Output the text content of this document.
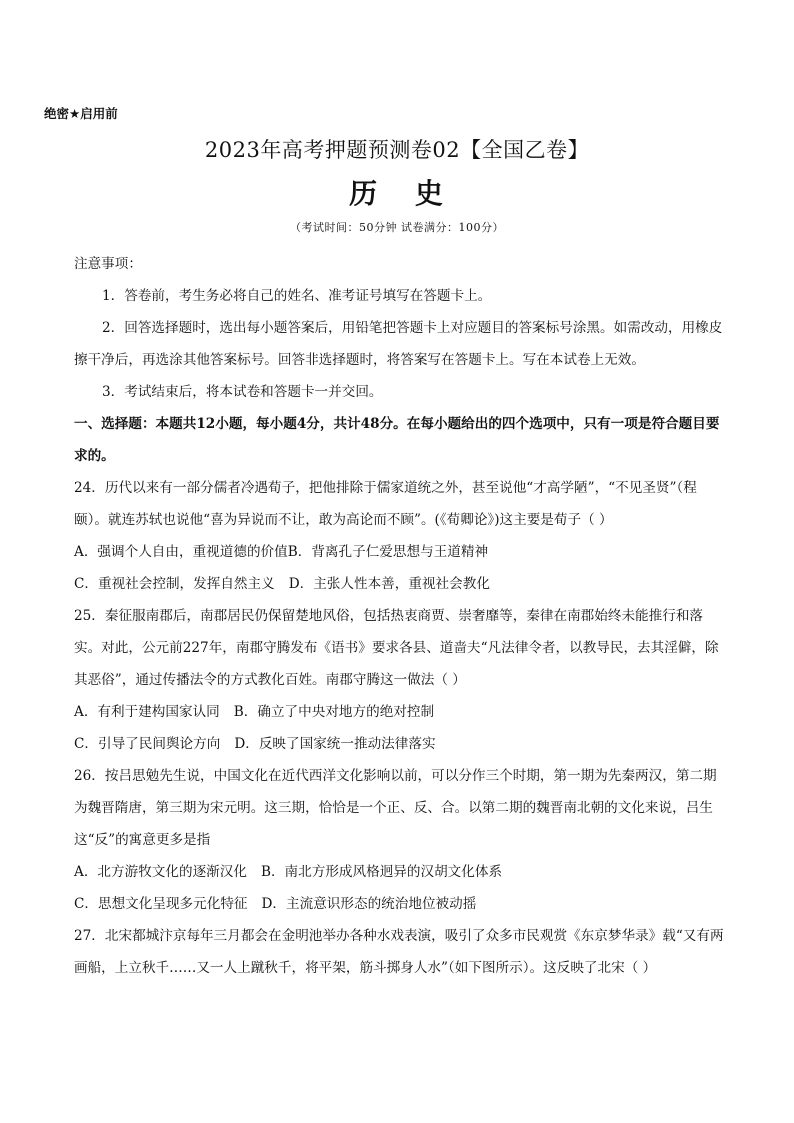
绝密★启用前
2023年高考押题预测卷02【全国乙卷】
历 史
（考试时间：50分钟 试卷满分：100分）

注意事项：

1．答卷前，考生务必将自己的姓名、准考证号填写在答题卡上。

2．回答选择题时，选出每小题答案后，用铅笔把答题卡上对应题目的答案标号涂黑。如需改动，用橡皮擦干净后，再选涂其他答案标号。回答非选择题时，将答案写在答题卡上。写在本试卷上无效。

3．考试结束后，将本试卷和答题卡一并交回。

一、选择题：本题共12小题，每小题4分，共计48分。在每小题给出的四个选项中，只有一项是符合题目要求的。

24．历代以来有一部分儒者冷遇荀子，把他排除于儒家道统之外，甚至说他“才高学陋”，“不见圣贤”（程颐）。就连苏轼也说他“喜为异说而不让，敢为高论而不顾”。(《荀卿论》)这主要是荀子（ ）

A．强调个人自由，重视道德的价值 B．背离孔子仁爱思想与王道精神
C．重视社会控制，发挥自然主义 D．主张人性本善，重视社会教化

25．秦征服南郡后，南郡居民仍保留楚地风俗，包括热衷商贾、崇奢靡等，秦律在南郡始终未能推行和落实。对此，公元前227年，南郡守腾发布《语书》要求各县、道啬夫“凡法律令者，以教导民，去其淫僻，除其恶俗”，通过传播法令的方式教化百姓。南郡守腾这一做法（ ）

A．有利于建构国家认同 B．确立了中央对地方的绝对控制
C．引导了民间舆论方向 D．反映了国家统一推动法律落实

26．按吕思勉先生说，中国文化在近代西洋文化影响以前，可以分作三个时期，第一期为先秦两汉，第二期为魏晋隋唐，第三期为宋元明。这三期，恰恰是一个正、反、合。以第二期的魏晋南北朝的文化来说，吕生这“反”的寓意更多是指

A．北方游牧文化的逐渐汉化 B．南北方形成风格迥异的汉胡文化体系
C．思想文化呈现多元化特征 D．主流意识形态的统治地位被动摇

27．北宋都城汴京每年三月都会在金明池举办各种水戏表演，吸引了众多市民观赏《东京梦华录》载“又有两画船，上立秋千……又一人上蹴秋千，将平架，筋斗掷身人水”（如下图所示）。这反映了北宋（ ）
